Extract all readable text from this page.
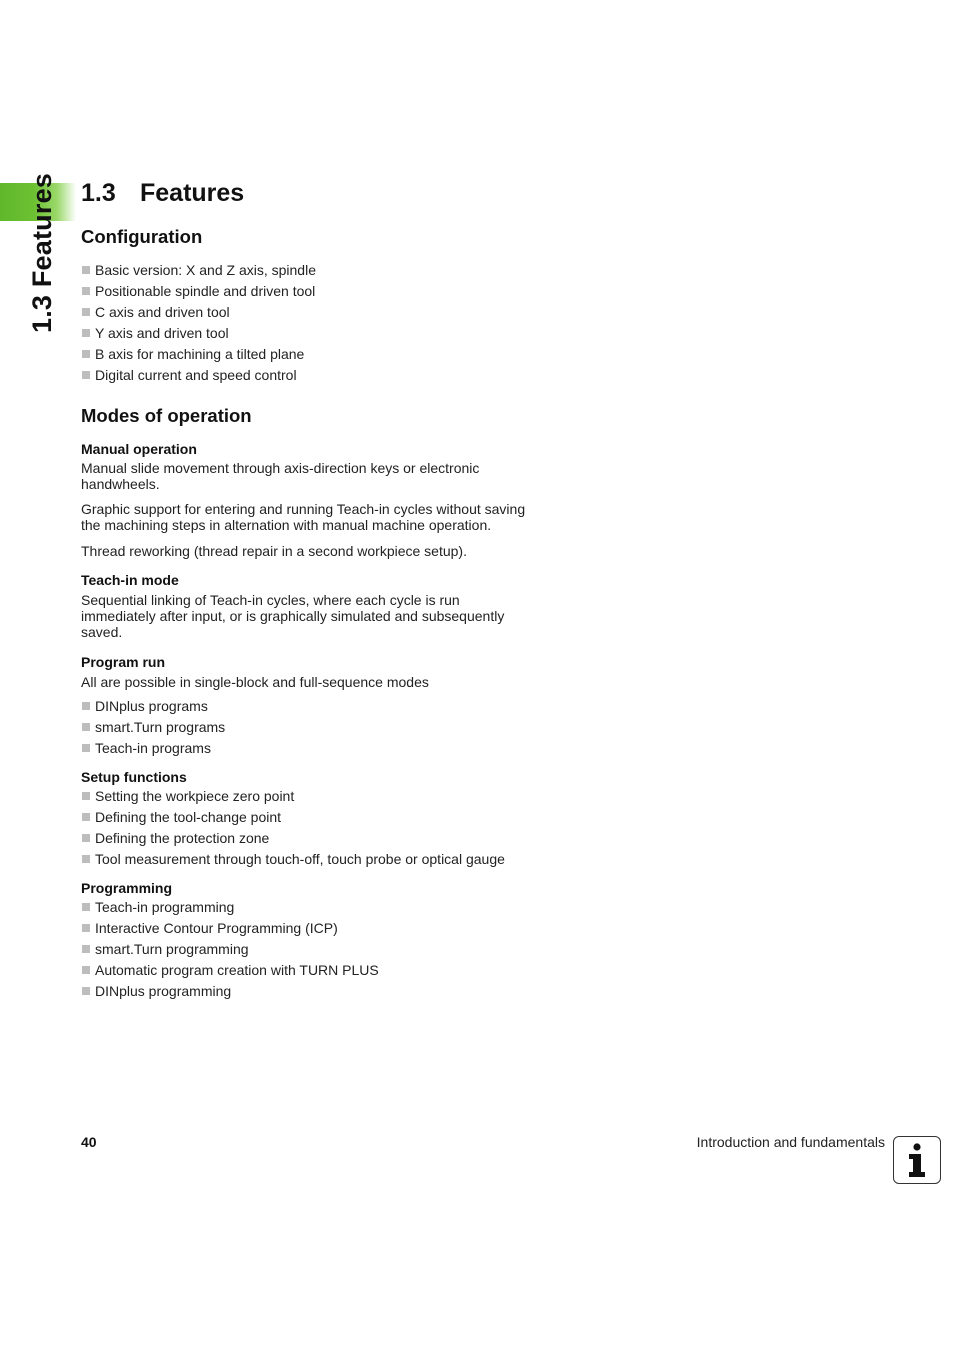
1.3 Features 1.3 Features
Configuration
Basic version: X and Z axis, spindle
Positionable spindle and driven tool
C axis and driven tool
Y axis and driven tool
B axis for machining a tilted plane
Digital current and speed control
Modes of operation
Manual operation

Manual slide movement through axis-direction keys or electronic handwheels.

Graphic support for entering and running Teach-in cycles without saving the machining steps in alternation with manual machine operation.

Thread reworking (thread repair in a second workpiece setup).

Teach-in mode

Sequential linking of Teach-in cycles, where each cycle is run immediately after input, or is graphically simulated and subsequently saved.

Program run

All are possible in single-block and full-sequence modes

DINplus programs
smart.Turn programs
Teach-in programs
Setup functions
Setting the workpiece zero point
Defining the tool-change point
Defining the protection zone
Tool measurement through touch-off, touch probe or optical gauge
Programming
Teach-in programming
Interactive Contour Programming (ICP)
smart.Turn programming
Automatic program creation with TURN PLUS
DINplus programming
40	Introduction and fundamentals
